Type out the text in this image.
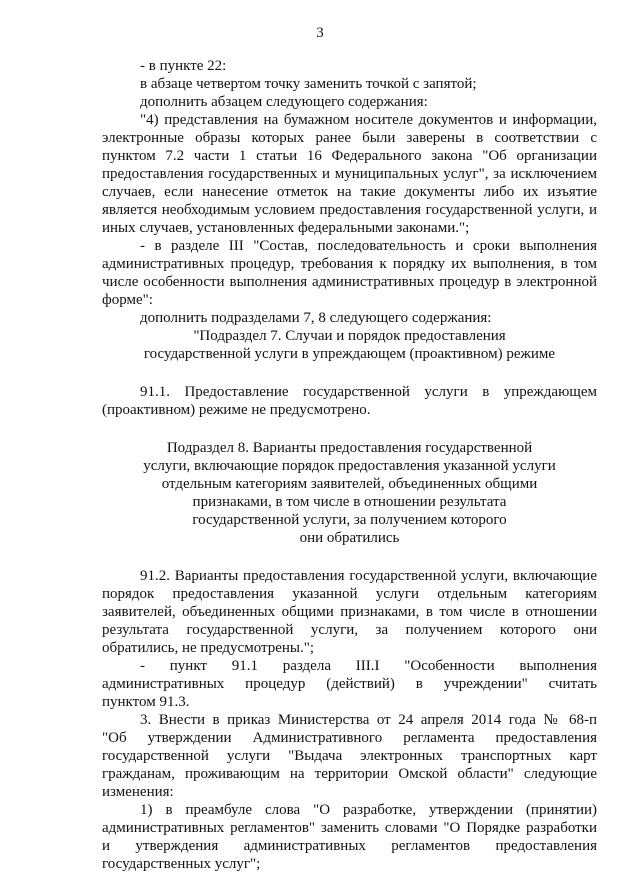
3
- в пункте 22:
в абзаце четвертом точку заменить точкой с запятой;
дополнить абзацем следующего содержания:
"4) представления на бумажном носителе документов и информации,
электронные образы которых ранее были заверены в соответствии с
пунктом 7.2 части 1 статьи 16 Федерального закона "Об организации
предоставления государственных и муниципальных услуг", за исключением
случаев, если нанесение отметок на такие документы либо их изъятие
является необходимым условием предоставления государственной услуги, и
иных случаев, установленных федеральными законами.";
- в разделе III "Состав, последовательность и сроки выполнения
административных процедур, требования к порядку их выполнения, в том
числе особенности выполнения административных процедур в электронной
форме":
дополнить подразделами 7, 8 следующего содержания:
"Подраздел 7. Случаи и порядок предоставления
государственной услуги в упреждающем (проактивном) режиме
91.1. Предоставление государственной услуги в упреждающем
(проактивном) режиме не предусмотрено.
Подраздел 8. Варианты предоставления государственной
услуги, включающие порядок предоставления указанной услуги
отдельным категориям заявителей, объединенных общими
признаками, в том числе в отношении результата
государственной услуги, за получением которого
они обратились
91.2. Варианты предоставления государственной услуги, включающие
порядок предоставления указанной услуги отдельным категориям
заявителей, объединенных общими признаками, в том числе в отношении
результата государственной услуги, за получением которого они
обратились, не предусмотрены.";
- пункт 91.1 раздела III.I "Особенности выполнения
административных процедур (действий) в учреждении" считать
пунктом 91.3.
3. Внести в приказ Министерства от 24 апреля 2014 года № 68-п
"Об утверждении Административного регламента предоставления
государственной услуги "Выдача электронных транспортных карт
гражданам, проживающим на территории Омской области" следующие
изменения:
1) в преамбуле слова "О разработке, утверждении (принятии)
административных регламентов" заменить словами "О Порядке разработки
и утверждения административных регламентов предоставления
государственных услуг";
